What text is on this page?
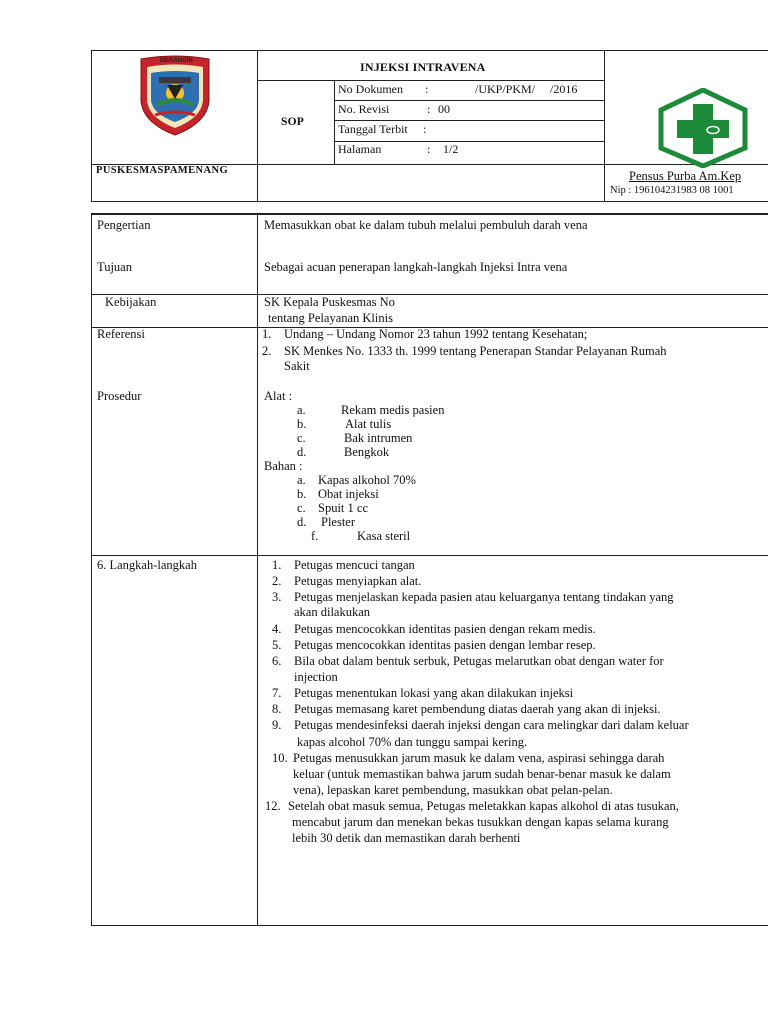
MERANGIN	INJEKSI INTRAVENA
SOP
No Dokumen :	/UKP/PKM/     /2016
No. Revisi	: 00
Tanggal Terbit :
Halaman	: 1/2
PUSKESMASPAMENANG	Pensus Purba Am.Kep
Nip : 196104231983 08 1001
Pengertian	Memasukkan obat ke dalam tubuh melalui pembuluh darah vena
Tujuan	Sebagai acuan penerapan langkah-langkah Injeksi Intra vena
Kebijakan	SK Kepala Puskesmas No
tentang Pelayanan Klinis
Referensi	1. Undang – Undang Nomor 23 tahun 1992 tentang Kesehatan;
2. SK Menkes No. 1333 th. 1999 tentang Penerapan Standar Pelayanan Rumah
Sakit
Prosedur	Alat :
a.	Rekam medis pasien
b.	Alat tulis
c.	Bak intrumen
d.	Bengkok
Bahan :
a. Kapas alkohol 70%
b. Obat injeksi
c. Spuit 1 cc
d. Plester
f.	Kasa steril
6. Langkah-langkah	1. Petugas mencuci tangan
2. Petugas menyiapkan alat.
3. Petugas menjelaskan kepada pasien atau keluarganya tentang tindakan yang
akan dilakukan
4. Petugas mencocokkan identitas pasien dengan rekam medis.
5. Petugas mencocokkan identitas pasien dengan lembar resep.
6. Bila obat dalam bentuk serbuk, Petugas melarutkan obat dengan water for
injection
7. Petugas menentukan lokasi yang akan dilakukan injeksi
8. Petugas memasang karet pembendung diatas daerah yang akan di injeksi.
9. Petugas mendesinfeksi daerah injeksi dengan cara melingkar dari dalam keluar
kapas alcohol 70% dan tunggu sampai kering.
10. Petugas menusukkan jarum masuk ke dalam vena, aspirasi sehingga darah
keluar (untuk memastikan bahwa jarum sudah benar-benar masuk ke dalam
vena), lepaskan karet pembendung, masukkan obat pelan-pelan.
12. Setelah obat masuk semua, Petugas meletakkan kapas alkohol di atas tusukan,
mencabut jarum dan menekan bekas tusukkan dengan kapas selama kurang
lebih 30 detik dan memastikan darah berhenti
